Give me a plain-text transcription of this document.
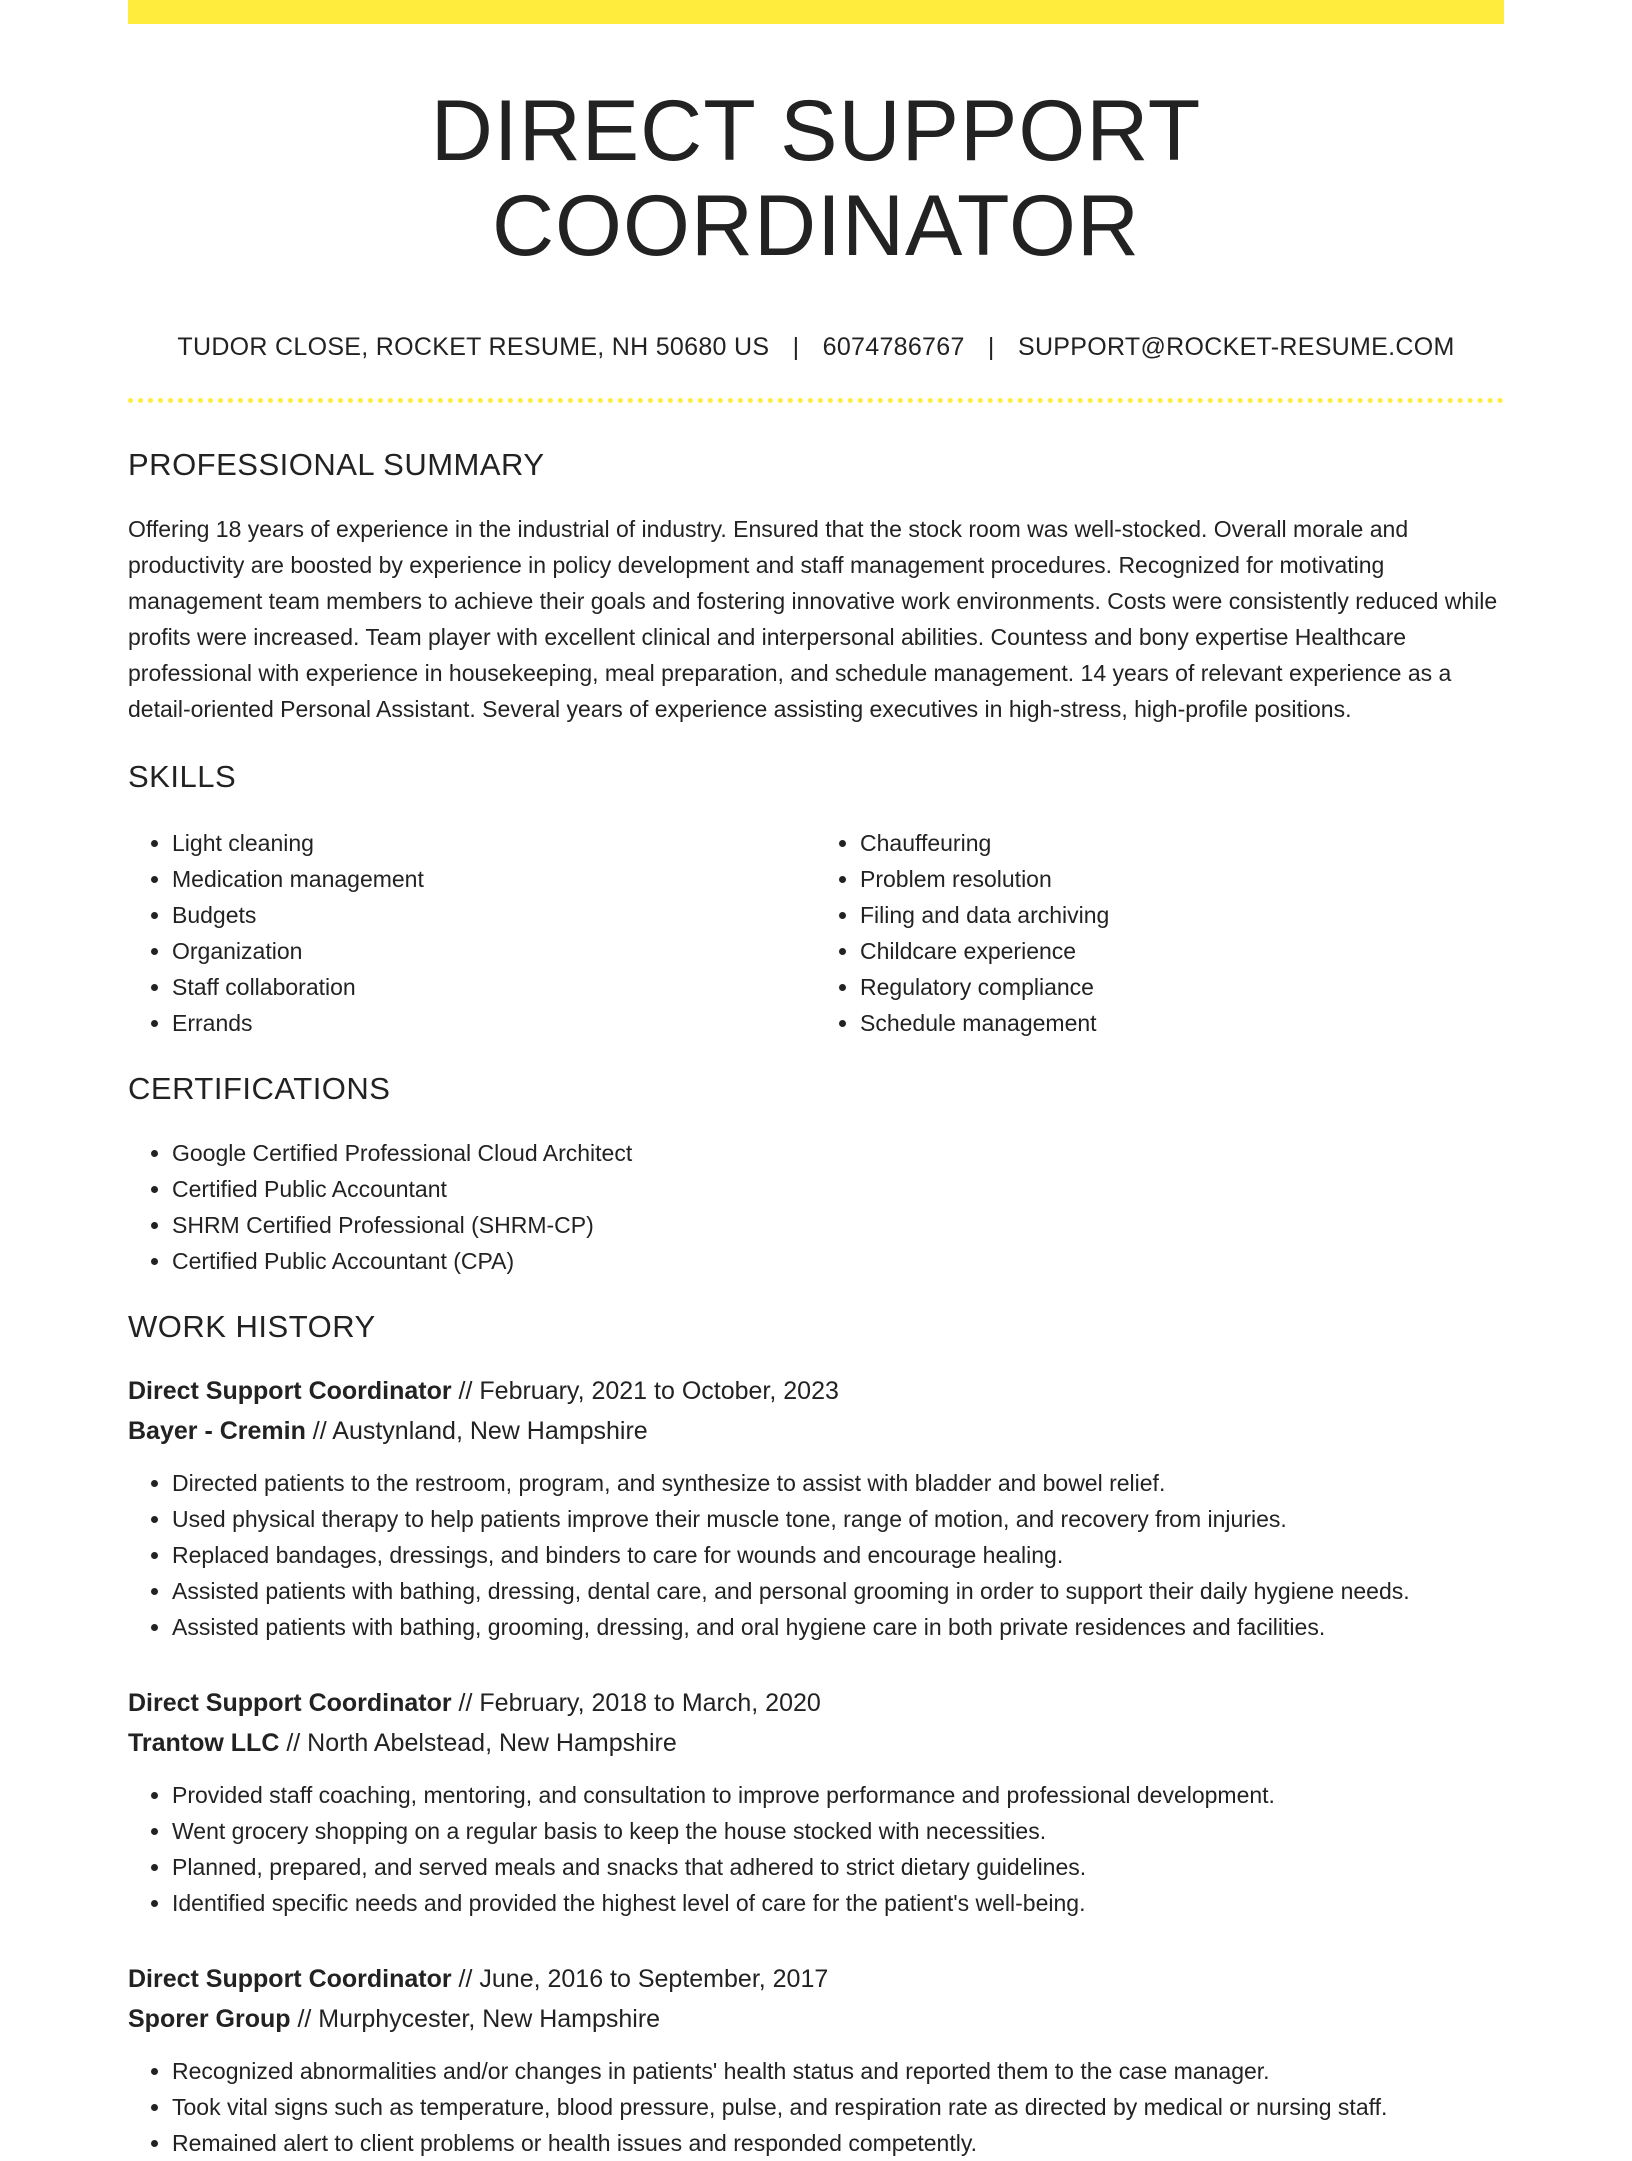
DIRECT SUPPORT COORDINATOR
TUDOR CLOSE, ROCKET RESUME, NH 50680 US | 6074786767 | SUPPORT@ROCKET-RESUME.COM
PROFESSIONAL SUMMARY
Offering 18 years of experience in the industrial of industry. Ensured that the stock room was well-stocked. Overall morale and productivity are boosted by experience in policy development and staff management procedures. Recognized for motivating management team members to achieve their goals and fostering innovative work environments. Costs were consistently reduced while profits were increased. Team player with excellent clinical and interpersonal abilities. Countess and bony expertise Healthcare professional with experience in housekeeping, meal preparation, and schedule management. 14 years of relevant experience as a detail-oriented Personal Assistant. Several years of experience assisting executives in high-stress, high-profile positions.
SKILLS
• Light cleaning
• Medication management
• Budgets
• Organization
• Staff collaboration
• Errands
• Chauffeuring
• Problem resolution
• Filing and data archiving
• Childcare experience
• Regulatory compliance
• Schedule management
CERTIFICATIONS
• Google Certified Professional Cloud Architect
• Certified Public Accountant
• SHRM Certified Professional (SHRM-CP)
• Certified Public Accountant (CPA)
WORK HISTORY
Direct Support Coordinator // February, 2021 to October, 2023
Bayer - Cremin // Austynland, New Hampshire
• Directed patients to the restroom, program, and synthesize to assist with bladder and bowel relief.
• Used physical therapy to help patients improve their muscle tone, range of motion, and recovery from injuries.
• Replaced bandages, dressings, and binders to care for wounds and encourage healing.
• Assisted patients with bathing, dressing, dental care, and personal grooming in order to support their daily hygiene needs.
• Assisted patients with bathing, grooming, dressing, and oral hygiene care in both private residences and facilities.
Direct Support Coordinator // February, 2018 to March, 2020
Trantow LLC // North Abelstead, New Hampshire
• Provided staff coaching, mentoring, and consultation to improve performance and professional development.
• Went grocery shopping on a regular basis to keep the house stocked with necessities.
• Planned, prepared, and served meals and snacks that adhered to strict dietary guidelines.
• Identified specific needs and provided the highest level of care for the patient's well-being.
Direct Support Coordinator // June, 2016 to September, 2017
Sporer Group // Murphycester, New Hampshire
• Recognized abnormalities and/or changes in patients' health status and reported them to the case manager.
• Took vital signs such as temperature, blood pressure, pulse, and respiration rate as directed by medical or nursing staff.
• Remained alert to client problems or health issues and responded competently.
